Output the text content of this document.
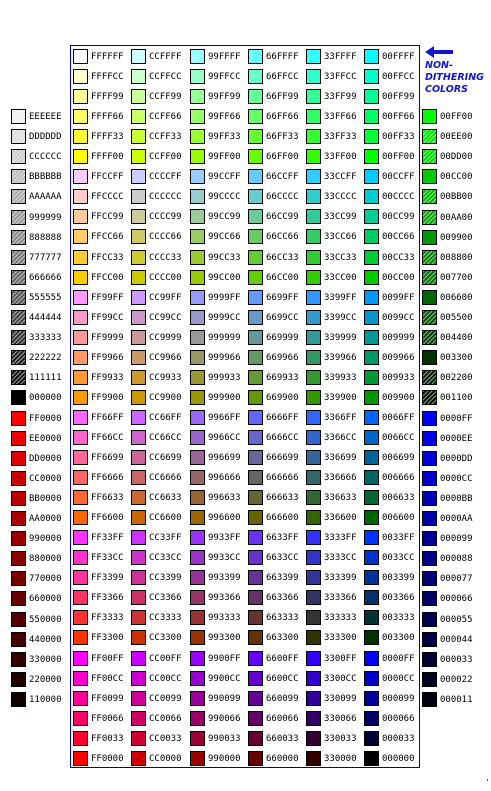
NON-
DITHERING
COLORS
'
EEEEEE
DDDDDD
CCCCCC
BBBBBB
AAAAAA
999999
888888
777777
666666
555555
444444
333333
222222
111111
000000
FF0000
EE0000
DD0000
CC0000
BB0000
AA0000
990000
880000
770000
660000
550000
440000
330000
220000
110000
00FF00
00EE00
00DD00
00CC00
00BB00
00AA00
009900
008800
007700
006600
005500
004400
003300
002200
001100
0000FF
0000EE
0000DD
0000CC
0000BB
0000AA
000099
000088
000077
000066
000055
000044
000033
000022
000011
FFFFFF
FFFFCC
FFFF99
FFFF66
FFFF33
FFFF00
FFCCFF
FFCCCC
FFCC99
FFCC66
FFCC33
FFCC00
FF99FF
FF99CC
FF9999
FF9966
FF9933
FF9900
FF66FF
FF66CC
FF6699
FF6666
FF6633
FF6600
FF33FF
FF33CC
FF3399
FF3366
FF3333
FF3300
FF00FF
FF00CC
FF0099
FF0066
FF0033
FF0000
CCFFFF
CCFFCC
CCFF99
CCFF66
CCFF33
CCFF00
CCCCFF
CCCCCC
CCCC99
CCCC66
CCCC33
CCCC00
CC99FF
CC99CC
CC9999
CC9966
CC9933
CC9900
CC66FF
CC66CC
CC6699
CC6666
CC6633
CC6600
CC33FF
CC33CC
CC3399
CC3366
CC3333
CC3300
CC00FF
CC00CC
CC0099
CC0066
CC0033
CC0000
99FFFF
99FFCC
99FF99
99FF66
99FF33
99FF00
99CCFF
99CCCC
99CC99
99CC66
99CC33
99CC00
9999FF
9999CC
999999
999966
999933
999900
9966FF
9966CC
996699
996666
996633
996600
9933FF
9933CC
993399
993366
993333
993300
9900FF
9900CC
990099
990066
990033
990000
66FFFF
66FFCC
66FF99
66FF66
66FF33
66FF00
66CCFF
66CCCC
66CC99
66CC66
66CC33
66CC00
6699FF
6699CC
669999
669966
669933
669900
6666FF
6666CC
666699
666666
666633
666600
6633FF
6633CC
663399
663366
663333
663300
6600FF
6600CC
660099
660066
660033
660000
33FFFF
33FFCC
33FF99
33FF66
33FF33
33FF00
33CCFF
33CCCC
33CC99
33CC66
33CC33
33CC00
3399FF
3399CC
339999
339966
339933
339900
3366FF
3366CC
336699
336666
336633
336600
3333FF
3333CC
333399
333366
333333
333300
3300FF
3300CC
330099
330066
330033
330000
00FFFF
00FFCC
00FF99
00FF66
00FF33
00FF00
00CCFF
00CCCC
00CC99
00CC66
00CC33
00CC00
0099FF
0099CC
009999
009966
009933
009900
0066FF
0066CC
006699
006666
006633
006600
0033FF
0033CC
003399
003366
003333
003300
0000FF
0000CC
000099
000066
000033
000000
